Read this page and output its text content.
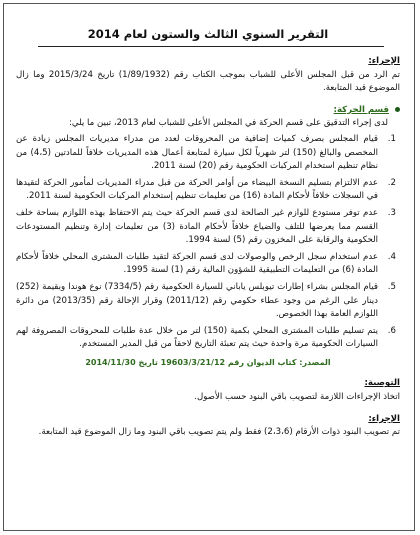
التقرير السنوي الثالث والستون لعام 2014
الإجراء:

تم الرد من قبل المجلس الأعلى للشباب بموجب الكتاب رقم (1/89/1932) تاريخ 2015/3/24 وما زال الموضوع قيد المتابعة.

قسم الحركة:

لدى إجراء التدقيق على قسم الحركة في المجلس الأعلى للشباب لعام 2013، تبين ما يلي:

1.
قيام المجلس بصرف كميات إضافية من المحروقات لعدد من مدراء مديريات المجلس زيادة عن المخصص والبالغ (150) لتر شهرياً لكل سيارة لمتابعة أعمال هذه المديريات خلافاً للمادتين (4،5) من نظام تنظيم استخدام المركبات الحكومية رقم (20) لسنة 2011.
2.
عدم الالتزام بتسليم النسخة البيضاء من أوامر الحركة من قبل مدراء المديريات لمأمور الحركة لتقيدها في السجلات خلافاً لأحكام المادة (16) من تعليمات تنظيم إستخدام المركبات الحكومية لسنة 2011.
3.
عدم توفر مستودع للوازم غير الصالحة لدى قسم الحركة حيث يتم الاحتفاظ بهذه اللوازم بساحة خلف القسم مما يعرضها للتلف والضياع خلافاً لأحكام المادة (3) من تعليمات إدارة وتنظيم المستودعات الحكومية والرقابة على المخزون رقم (5) لسنة 1994.
4.
عدم استخدام سجل الرخص والوصولات لدى قسم الحركة لتقيد طلبات المشترى المحلي خلافاً لأحكام المادة (6) من التعليمات التطبيقية للشؤون المالية رقم (1) لسنة 1995.
5.
قيام المجلس بشراء إطارات تيوبلس ياباني للسيارة الحكومية رقم (7334/5) نوع هوندا وبقيمة (252) دينار على الرغم من وجود عطاء حكومي رقم (2011/12) وقرار الإحالة رقم (2013/35) من دائرة اللوازم العامة بهذا الخصوص.
6.
يتم تسليم طلبات المشترى المحلي بكمية (150) لتر من خلال عدة طلبات للمحروقات المصروفة لهم السيارات الحكومية مرة واحدة حيث يتم تعبئة التاريخ لاحقاً من قبل المدير المستخدم.
المصدر: كتاب الديوان رقم 19603/3/21/12 تاريخ 2014/11/30
التوصية:

اتخاذ الإجراءات اللازمة لتصويب باقي البنود حسب الأصول.

الإجراء:

تم تصويب البنود ذوات الأرقام (2،3،6) فقط ولم يتم تصويب باقي البنود وما زال الموضوع قيد المتابعة.
